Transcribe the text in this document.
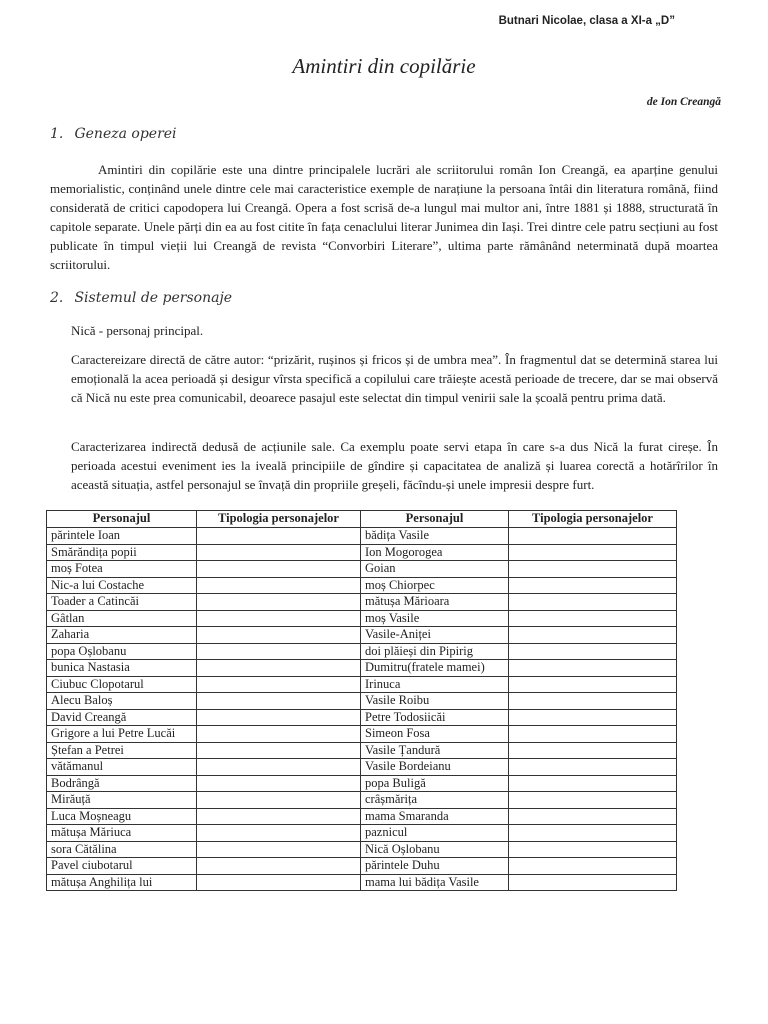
Butnari Nicolae, clasa a XI-a „D”
Amintiri din copilărie
de Ion Creangă
1. Geneza operei
Amintiri din copilărie este una dintre principalele lucrări ale scriitorului român Ion Creangă, ea aparține genului memorialistic, conținând unele dintre cele mai caracteristice exemple de narațiune la persoana întâi din literatura română, fiind considerată de critici capodopera lui Creangă. Opera a fost scrisă de-a lungul mai multor ani, între 1881 și 1888, structurată în capitole separate. Unele părți din ea au fost citite în fața cenaclului literar Junimea din Iași. Trei dintre cele patru secțiuni au fost publicate în timpul vieții lui Creangă de revista “Convorbiri Literare”, ultima parte rămânând neterminată după moartea scriitorului.
2. Sistemul de personaje
Nică - personaj principal.
Caractereizare directă de către autor: “prizărit, rușinos și fricos și de umbra mea”. În fragmentul dat se determină starea lui emoțională la acea perioadă și desigur vîrsta specifică a copilului care trăiește acestă perioade de trecere, dar se mai observă că Nică nu este prea comunicabil, deoarece pasajul este selectat din timpul venirii sale la școală pentru prima dată.
Caracterizarea indirectă dedusă de acțiunile sale. Ca exemplu poate servi etapa în care s-a dus Nică la furat cireșe. În perioada acestui eveniment ies la iveală principiile de gîndire și capacitatea de analiză și luarea corectă a hotărîrilor în această situația, astfel personajul se învață din propriile greșeli, făcîndu-și unele impresii despre furt.
Personajul	Tipologia personajelor	Personajul	Tipologia personajelor
părintele Ioan		bădița Vasile	
Smărăndița popii		Ion Mogorogea	
moș Fotea		Goian	
Nic-a lui Costache		moș Chiorpec	
Toader a Catincăi		mătușa Mărioara	
Gâtlan		moș Vasile	
Zaharia		Vasile-Aniței	
popa Oșlobanu		doi plăieși din Pipirig	
bunica Nastasia		Dumitru(fratele mamei)	
Ciubuc Clopotarul		Irinuca	
Alecu Baloș		Vasile Roibu	
David Creangă		Petre Todosiicăi	
Grigore a lui Petre Lucăi		Simeon Fosa	
Ștefan a Petrei		Vasile Țandură	
vătămanul		Vasile Bordeianu	
Bodrângă		popa Buligă	
Mirăuță		crâșmărița	
Luca Moșneagu		mama Smaranda	
mătușa Măriuca		paznicul	
sora Cătălina		Nică Oșlobanu	
Pavel ciubotarul		părintele Duhu	
mătușa Anghilița lui		mama lui bădița Vasile	
